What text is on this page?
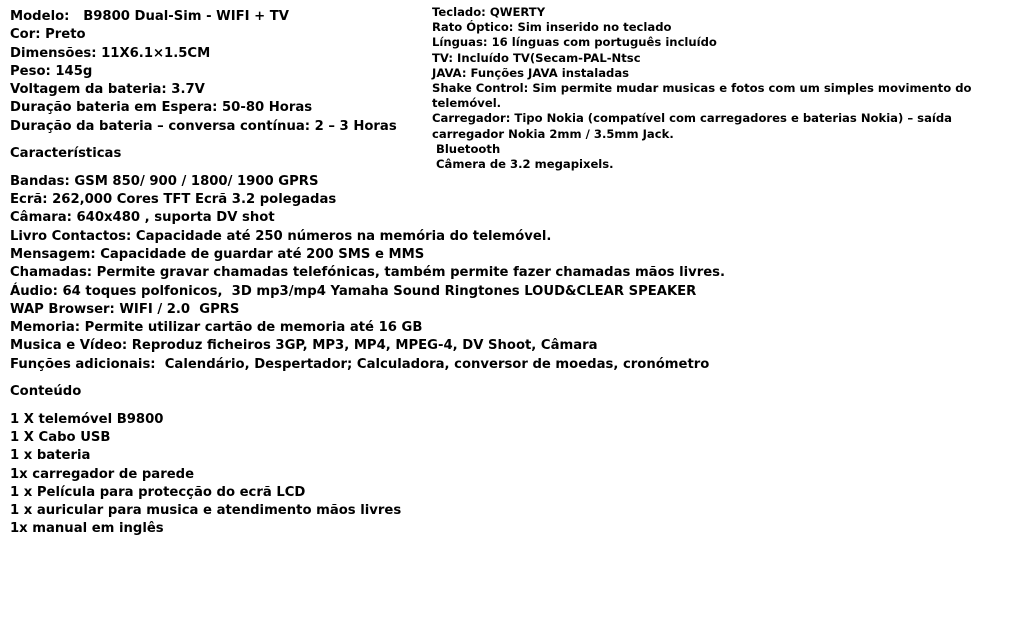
Modelo:   B9800 Dual-Sim - WIFI + TV
Cor: Preto
Dimensões: 11X6.1×1.5CM
Peso: 145g
Voltagem da bateria: 3.7V
Duração bateria em Espera: 50-80 Horas
Duração da bateria – conversa contínua: 2 – 3 Horas
Características
Bandas: GSM 850/ 900 / 1800/ 1900 GPRS
Ecrã: 262,000 Cores TFT Ecrã 3.2 polegadas
Câmara: 640x480 , suporta DV shot
Livro Contactos: Capacidade até 250 números na memória do telemóvel.
Mensagem: Capacidade de guardar até 200 SMS e MMS
Chamadas: Permite gravar chamadas telefónicas, também permite fazer chamadas mãos livres.
Áudio: 64 toques polfonicos,  3D mp3/mp4 Yamaha Sound Ringtones LOUD&CLEAR SPEAKER
WAP Browser: WIFI / 2.0  GPRS
Memoria: Permite utilizar cartão de memoria até 16 GB
Musica e Vídeo: Reproduz ficheiros 3GP, MP3, MP4, MPEG-4, DV Shoot, Câmara
Funções adicionais:  Calendário, Despertador; Calculadora, conversor de moedas, cronómetro
Conteúdo
1 X telemóvel B9800
1 X Cabo USB
1 x bateria
1x carregador de parede
1 x Película para protecção do ecrã LCD
1 x auricular para musica e atendimento mãos livres
1x manual em inglês
Teclado: QWERTY
Rato Óptico: Sim inserido no teclado
Línguas: 16 línguas com português incluído
TV: Incluído TV(Secam-PAL-Ntsc
JAVA: Funções JAVA instaladas
Shake Control: Sim permite mudar musicas e fotos com um simples movimento do telemóvel.
Carregador: Tipo Nokia (compatível com carregadores e baterias Nokia) – saída carregador Nokia 2mm / 3.5mm Jack.
Bluetooth
Câmera de 3.2 megapixels.
